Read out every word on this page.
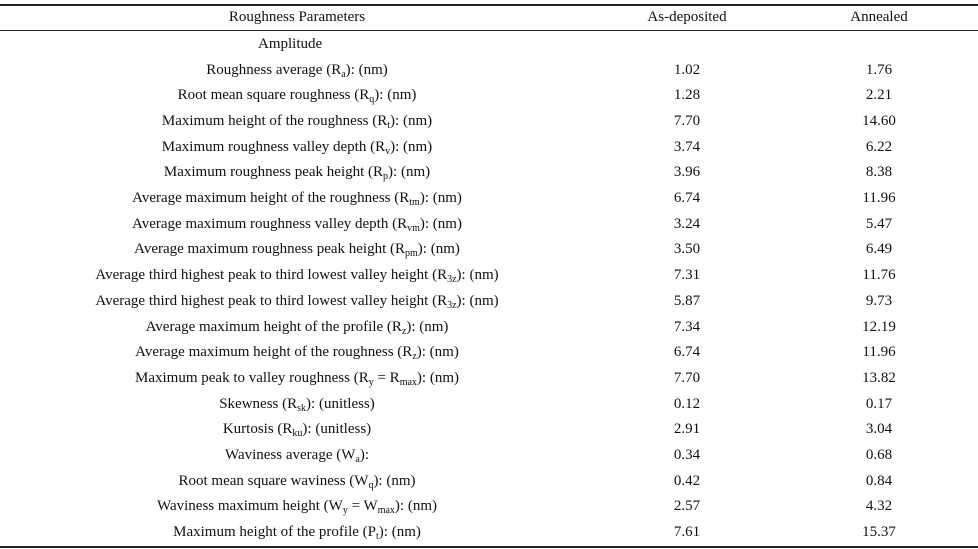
Roughness Parameters	As-deposited	Annealed
Amplitude
Roughness average $(R_a)$: (nm)	1.02	1.76
Root mean square roughness $(R_q)$: (nm)	1.28	2.21
Maximum height of the roughness $(R_t)$: (nm)	7.70	14.60
Maximum roughness valley depth $(R_v)$: (nm)	3.74	6.22
Maximum roughness peak height $(R_p)$: (nm)	3.96	8.38
Average maximum height of the roughness $(R_{tm})$: (nm)	6.74	11.96
Average maximum roughness valley depth $(R_{vm})$: (nm)	3.24	5.47
Average maximum roughness peak height $(R_{pm})$: (nm)	3.50	6.49
Average third highest peak to third lowest valley height $(R_{3z})$: (nm)	7.31	11.76
Average third highest peak to third lowest valley height $(R_{3z})$: (nm)	5.87	9.73
Average maximum height of the profile $(R_z)$: (nm)	7.34	12.19
Average maximum height of the roughness $(R_z)$: (nm)	6.74	11.96
Maximum peak to valley roughness $(R_y = R_{max})$: (nm)	7.70	13.82
Skewness $(R_{sk})$: (unitless)	0.12	0.17
Kurtosis $(R_{ku})$: (unitless)	2.91	3.04
Waviness average $(W_a)$:	0.34	0.68
Root mean square waviness $(W_q)$: (nm)	0.42	0.84
Waviness maximum height $(W_y = W_{max})$: (nm)	2.57	4.32
Maximum height of the profile $(P_t)$: (nm)	7.61	15.37
